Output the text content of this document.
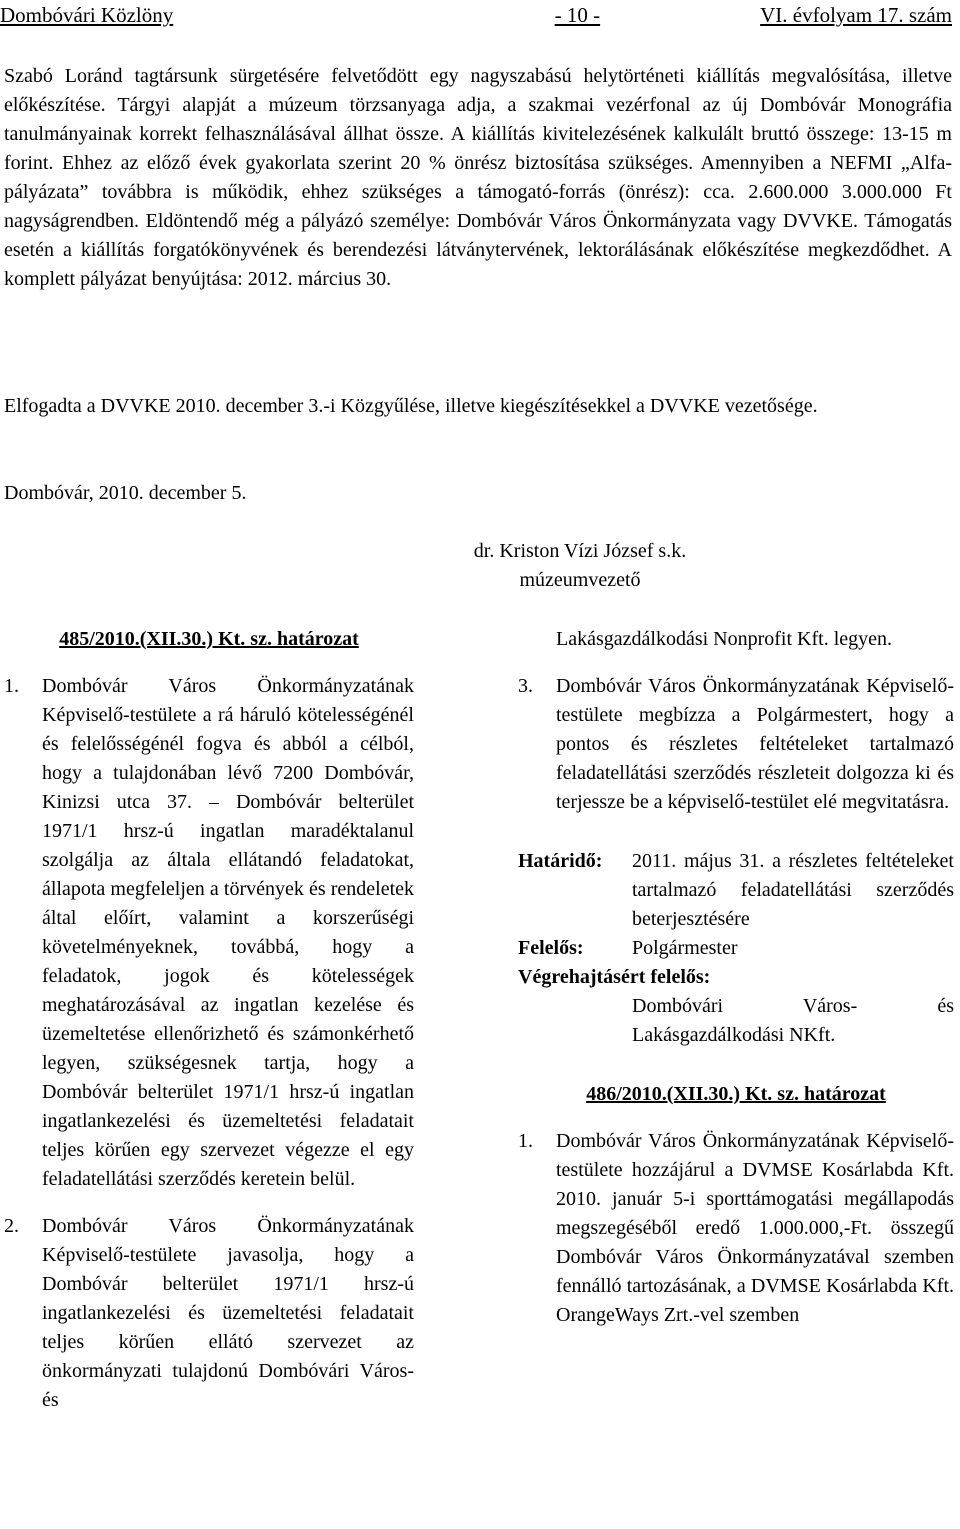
Dombóvári Közlöny	- 10 -	VI. évfolyam 17. szám

Szabó Loránd tagtársunk sürgetésére felvetődött egy nagyszabású helytörténeti kiállítás megvalósítása, illetve előkészítése. Tárgyi alapját a múzeum törzsanyaga adja, a szakmai vezérfonal az új Dombóvár Monográfia tanulmányainak korrekt felhasználásával állhat össze. A kiállítás kivitelezésének kalkulált bruttó összege: 13-15 m forint. Ehhez az előző évek gyakorlata szerint 20 % önrész biztosítása szükséges. Amennyiben a NEFMI „Alfa-pályázata” továbbra is működik, ehhez szükséges a támogató-forrás (önrész): cca. 2.600.000 3.000.000 Ft nagyságrendben. Eldöntendő még a pályázó személye: Dombóvár Város Önkormányzata vagy DVVKE. Támogatás esetén a kiállítás forgatókönyvének és berendezési látványtervének, lektorálásának előkészítése megkezdődhet. A komplett pályázat benyújtása: 2012. március 30.

Elfogadta a DVVKE 2010. december 3.-i Közgyűlése, illetve kiegészítésekkel a DVVKE vezetősége.

Dombóvár, 2010. december 5.

dr. Kriston Vízi József s.k.
múzeumvezető
485/2010.(XII.30.) Kt. sz. határozat
1.	Dombóvár Város Önkormányzatának Képviselő-testülete a rá háruló kötelességénél és felelősségénél fogva és abból a célból, hogy a tulajdonában lévő 7200 Dombóvár, Kinizsi utca 37. – Dombóvár belterület 1971/1 hrsz-ú ingatlan maradéktalanul szolgálja az általa ellátandó feladatokat, állapota megfeleljen a törvények és rendeletek által előírt, valamint a korszerűségi követelményeknek, továbbá, hogy a feladatok, jogok és kötelességek meghatározásával az ingatlan kezelése és üzemeltetése ellenőrizhető és számonkérhető legyen, szükségesnek tartja, hogy a Dombóvár belterület 1971/1 hrsz-ú ingatlan ingatlankezelési és üzemeltetési feladatait teljes körűen egy szervezet végezze el egy feladatellátási szerződés keretein belül.
2.	Dombóvár Város Önkormányzatának Képviselő-testülete javasolja, hogy a Dombóvár belterület 1971/1 hrsz-ú ingatlankezelési és üzemeltetési feladatait teljes körűen ellátó szervezet az önkormányzati tulajdonú Dombóvári Város- és
Lakásgazdálkodási Nonprofit Kft. legyen.
3.	Dombóvár Város Önkormányzatának Képviselő-testülete megbízza a Polgármestert, hogy a pontos és részletes feltételeket tartalmazó feladatellátási szerződés részleteit dolgozza ki és terjessze be a képviselő-testület elé megvitatásra.
Határidő:	2011. május 31. a részletes feltételeket tartalmazó feladatellátási szerződés beterjesztésére
Felelős:	Polgármester
Végrehajtásért felelős:
Dombóvári Város- és Lakásgazdálkodási NKft.
486/2010.(XII.30.) Kt. sz. határozat
1.	Dombóvár Város Önkormányzatának Képviselő-testülete hozzájárul a DVMSE Kosárlabda Kft. 2010. január 5-i sporttámogatási megállapodás megszegéséből eredő 1.000.000,-Ft. összegű Dombóvár Város Önkormányzatával szemben fennálló tartozásának, a DVMSE Kosárlabda Kft. OrangeWays Zrt.-vel szemben
